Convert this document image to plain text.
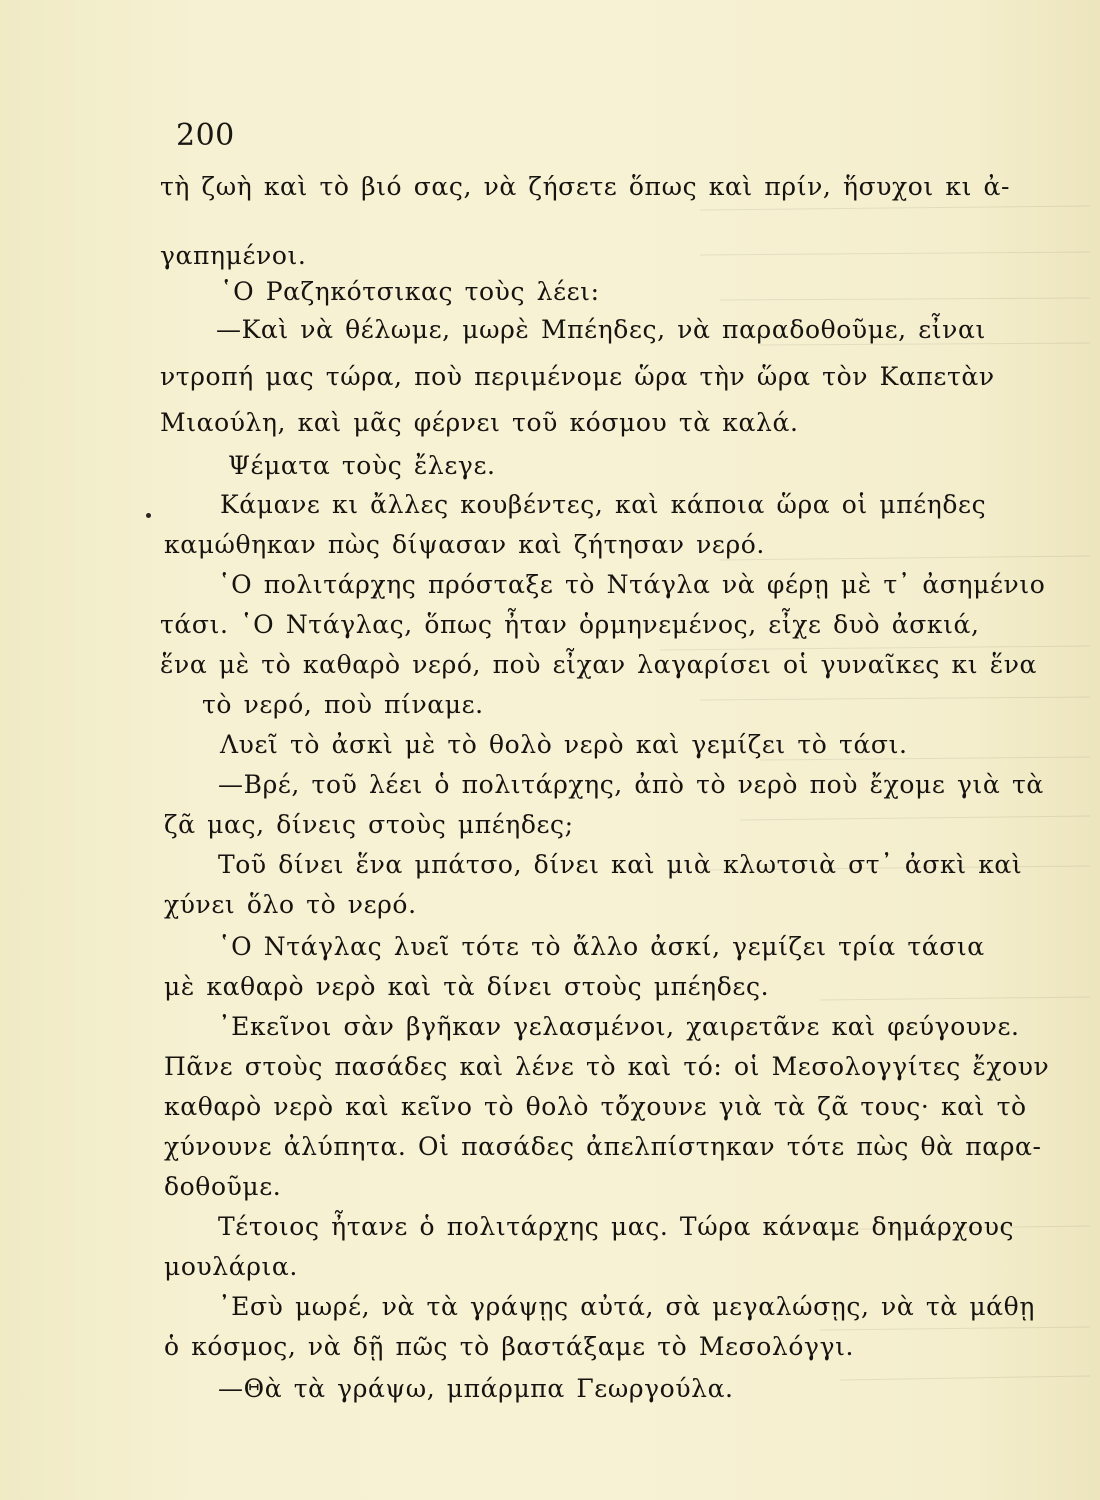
200
τὴ ζωὴ καὶ τὸ βιό σας, νὰ ζήσετε ὅπως καὶ πρίν, ἥσυχοι κι ἀ-
γαπημένοι.
῾Ο Ραζηκότσικας τοὺς λέει:
—Καὶ νὰ θέλωμε, μωρὲ Μπέηδες, νὰ παραδοθοῦμε, εἶναι
ντροπή μας τώρα, ποὺ περιμένομε ὥρα τὴν ὥρα τὸν Καπετὰν
Μιαούλη, καὶ μᾶς φέρνει τοῦ κόσμου τὰ καλά.
Ψέματα τοὺς ἔλεγε.
Κάμανε κι ἄλλες κουβέντες, καὶ κάποια ὥρα οἱ μπέηδες
καμώθηκαν πὼς δίψασαν καὶ ζήτησαν νερό.
῾Ο πολιτάρχης πρόσταξε τὸ Ντάγλα νὰ φέρῃ μὲ τ᾽ ἀσημένιο
τάσι. ῾Ο Ντάγλας, ὅπως ἦταν ὁρμηνεμένος, εἶχε δυὸ ἀσκιά,
ἕνα μὲ τὸ καθαρὸ νερό, ποὺ εἶχαν λαγαρίσει οἱ γυναῖκες κι ἕνα
τὸ νερό, ποὺ πίναμε.
Λυεῖ τὸ ἀσκὶ μὲ τὸ θολὸ νερὸ καὶ γεμίζει τὸ τάσι.
—Βρέ, τοῦ λέει ὁ πολιτάρχης, ἀπὸ τὸ νερὸ ποὺ ἔχομε γιὰ τὰ
ζᾶ μας, δίνεις στοὺς μπέηδες;
Τοῦ δίνει ἕνα μπάτσο, δίνει καὶ μιὰ κλωτσιὰ στ᾽ ἀσκὶ καὶ
χύνει ὅλο τὸ νερό.
῾Ο Ντάγλας λυεῖ τότε τὸ ἄλλο ἀσκί, γεμίζει τρία τάσια
μὲ καθαρὸ νερὸ καὶ τὰ δίνει στοὺς μπέηδες.
᾽Εκεῖνοι σὰν βγῆκαν γελασμένοι, χαιρετᾶνε καὶ φεύγουνε.
Πᾶνε στοὺς πασάδες καὶ λένε τὸ καὶ τό: οἱ Μεσολογγίτες ἔχουν
καθαρὸ νερὸ καὶ κεῖνο τὸ θολὸ τὄχουνε γιὰ τὰ ζᾶ τους· καὶ τὸ
χύνουνε ἀλύπητα. Οἱ πασάδες ἀπελπίστηκαν τότε πὼς θὰ παρα-
δοθοῦμε.
Τέτοιος ἦτανε ὁ πολιτάρχης μας. Τώρα κάναμε δημάρχους
μουλάρια.
᾽Εσὺ μωρέ, νὰ τὰ γράψῃς αὐτά, σὰ μεγαλώσῃς, νὰ τὰ μάθῃ
ὁ κόσμος, νὰ δῇ πῶς τὸ βαστάξαμε τὸ Μεσολόγγι.
—Θὰ τὰ γράψω, μπάρμπα Γεωργούλα.
